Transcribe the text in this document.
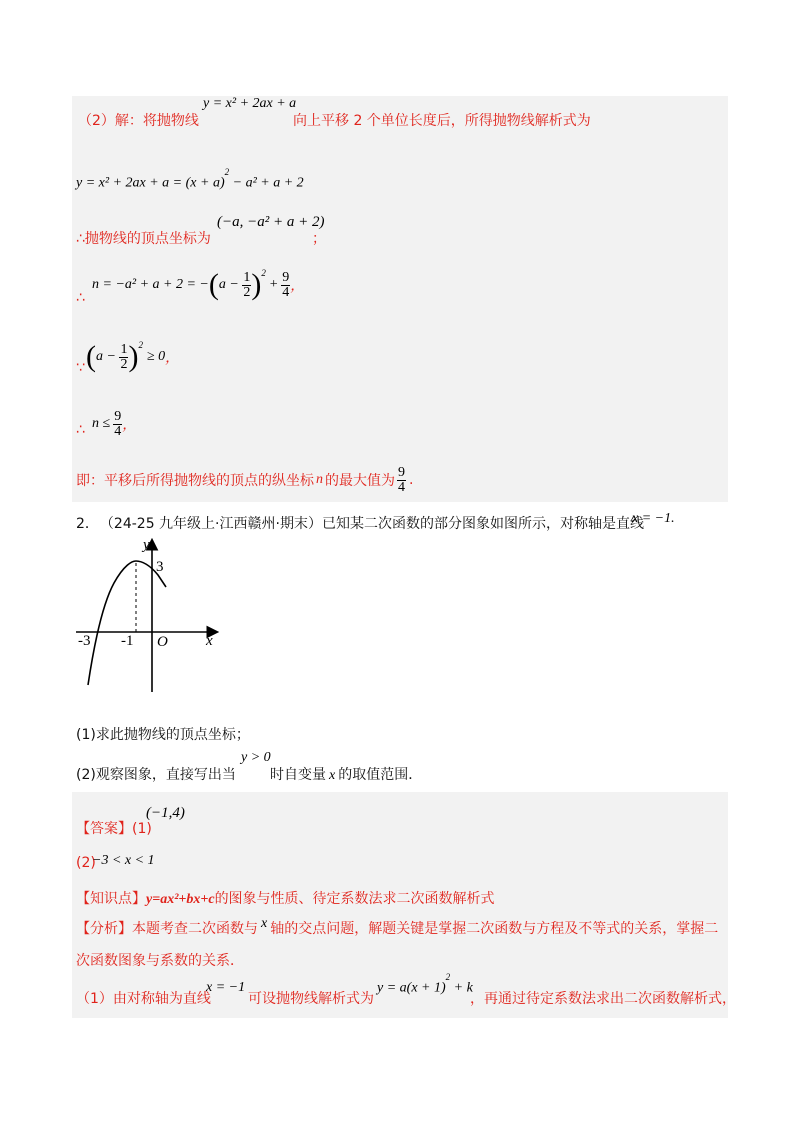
（2）解：将抛物线
y = x² + 2ax + a
向上平移 2 个单位长度后，所得抛物线解析式为
$y = x^2 + 2ax + a = (x + a)^2 - a^2 + a + 2$
∴抛物线的顶点坐标为
(−a, −a² + a + 2)
；
∴
n = −a² + a + 2 = − ( a −
$\frac{1}{2} )^2$
+ $\frac{9}{4}$ ，
∵ ( a −
$\frac{1}{2} )^2$
≥ 0 ，
∴ $n \le \frac{9}{4}$ ，
即：平移后所得抛物线的顶点的纵坐标 n 的最大值为 $\frac{9}{4}$ .
2． （24-25 九年级上·江西赣州·期末）已知某二次函数的部分图象如图所示，对称轴是直线
x = −1.
y
x
O
-3 -1
3
(1)求此抛物线的顶点坐标；
(2)观察图象，直接写出当
y > 0
时自变量 x 的取值范围．
【答案】(1)
(−1,4)
(2)
−3 < x < 1
【知识点】y=ax²+bx+c的图象与性质、待定系数法求二次函数解析式
【分析】本题考查二次函数与 x 轴的交点问题，解题关键是掌握二次函数与方程及不等式的关系，掌握二
次函数图象与系数的关系．
（1）由对称轴为直线
x = −1
可设抛物线解析式为
$y = a(x + 1)^2 + k$
，再通过待定系数法求出二次函数解析式，
